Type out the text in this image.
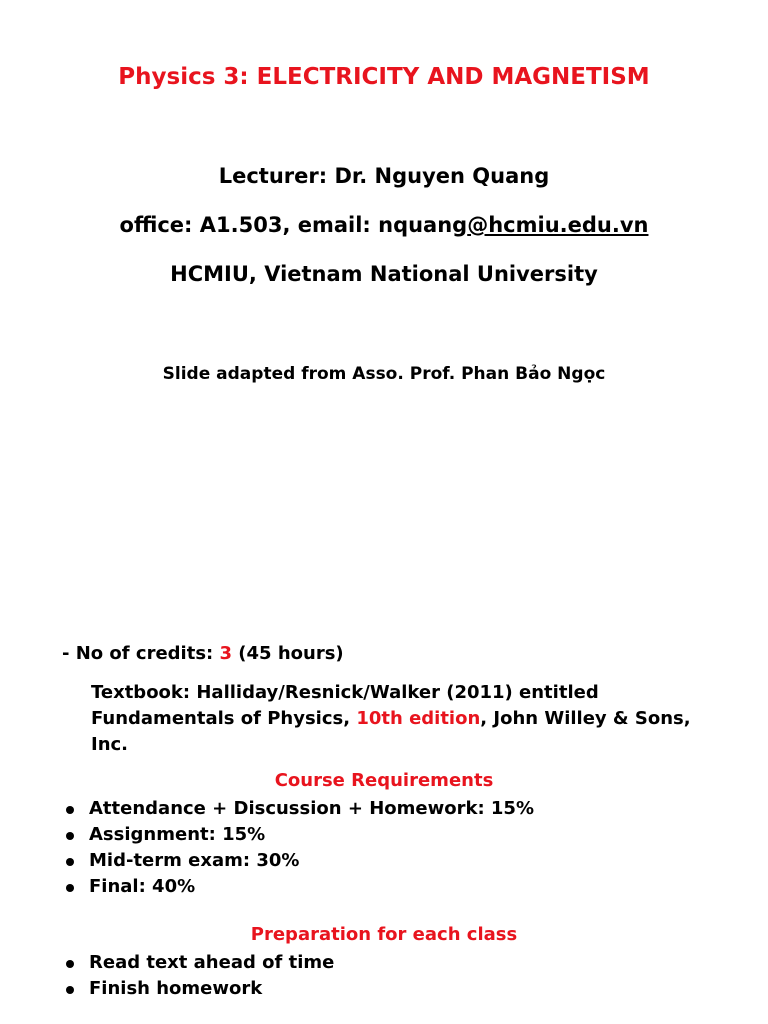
Physics 3: ELECTRICITY AND MAGNETISM
Lecturer: Dr. Nguyen Quang
office: A1.503, email: nquang@hcmiu.edu.vn
HCMIU, Vietnam National University
Slide adapted from Asso. Prof. Phan Bảo Ngọc
- No of credits: 3 (45 hours)
Textbook: Halliday/Resnick/Walker (2011) entitled Fundamentals of Physics, 10th edition, John Willey & Sons, Inc.
Course Requirements
Attendance + Discussion + Homework: 15%
Assignment: 15%
Mid-term exam: 30%
Final: 40%
Preparation for each class
Read text ahead of time
Finish homework
